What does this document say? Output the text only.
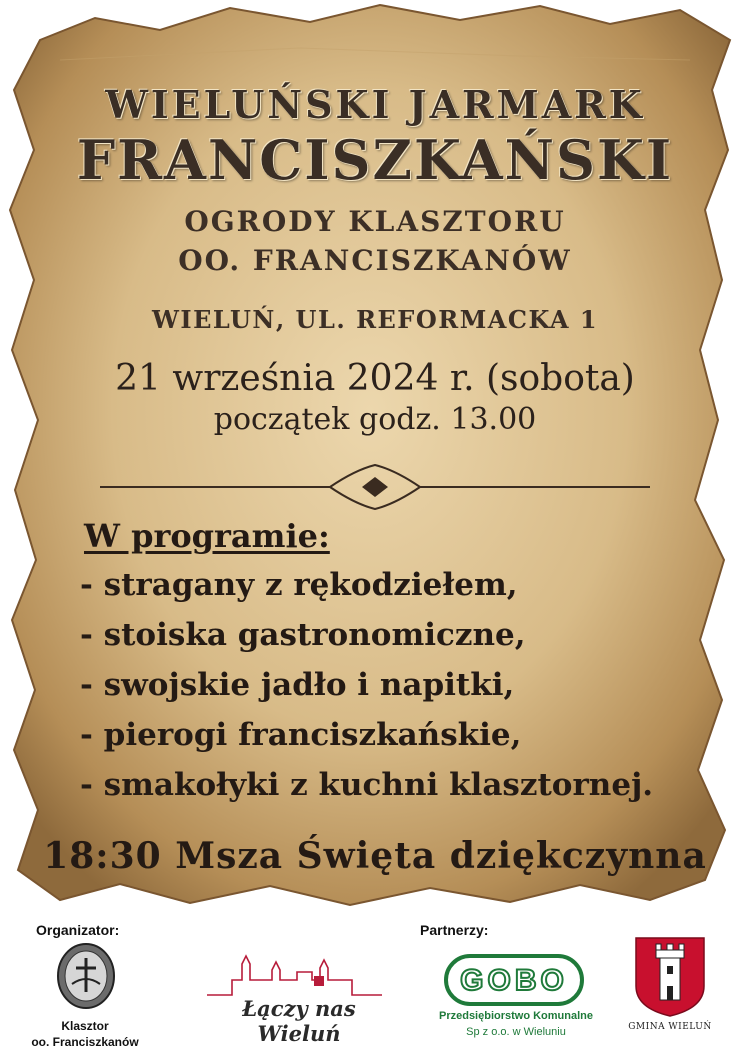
WIELUŃSKI JARMARK
FRANCISZKAŃSKI
OGRODY KLASZTORU
OO. FRANCISZKANÓW
WIELUŃ, UL. REFORMACKA 1
21 września 2024 r. (sobota)
początek godz. 13.00
W programie:
- stragany z rękodziełem,
- stoiska gastronomiczne,
- swojskie jadło i napitki,
- pierogi franciszkańskie,
- smakołyki z kuchni klasztornej.
18:30 Msza Święta dziękczynna
Organizator:	Partnerzy:
Klasztor
oo. Franciszkanów
Łączy nas Wieluń
GOBO
Przedsiębiorstwo Komunalne
Sp z o.o. w Wieluniu	GMINA WIELUŃ
